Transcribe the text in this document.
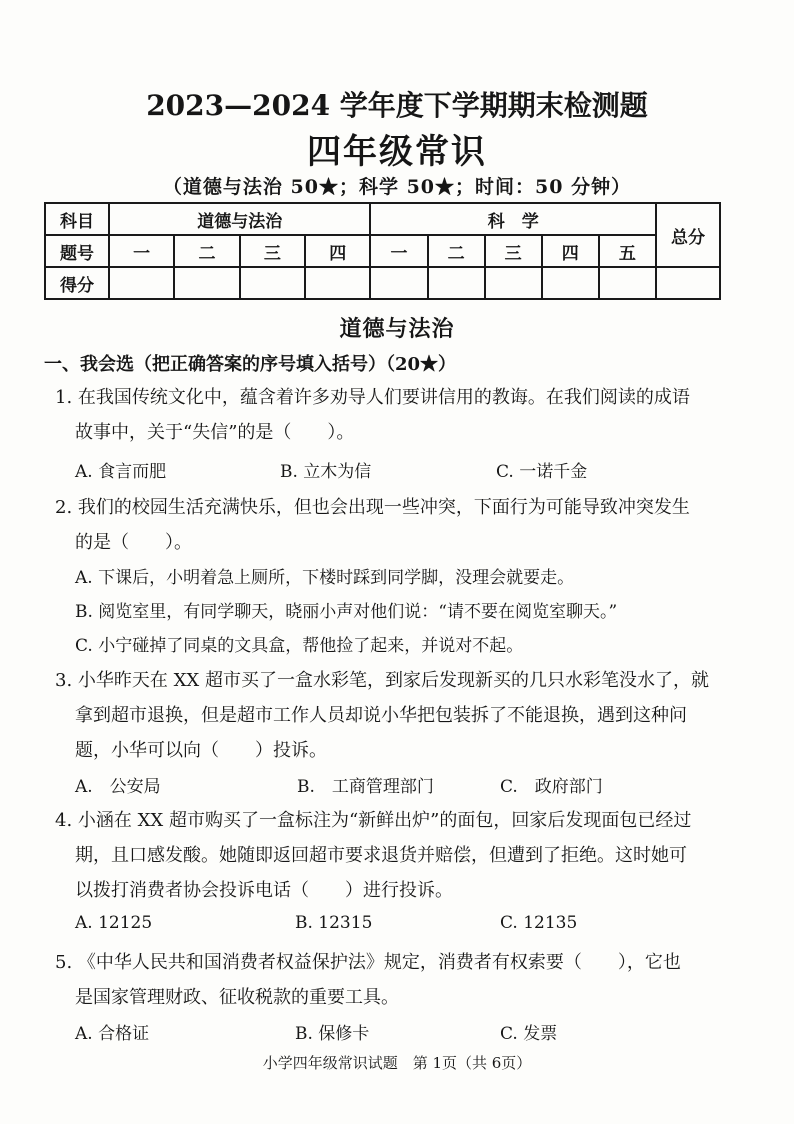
2023—2024 学年度下学期期末检测题
四年级常识
（道德与法治 50★；科学 50★；时间：50 分钟）
科目	道德与法治				科　学					总分
题号	一	二	三	四	一	二	三	四	五	
得分										
道德与法治
一、我会选（把正确答案的序号填入括号）（20★）
1. 在我国传统文化中，蕴含着许多劝导人们要讲信用的教诲。在我们阅读的成语
故事中，关于“失信”的是（　　）。
A. 食言而肥	B. 立木为信	C. 一诺千金
2. 我们的校园生活充满快乐，但也会出现一些冲突，下面行为可能导致冲突发生
的是（　　）。
A. 下课后，小明着急上厕所，下楼时踩到同学脚，没理会就要走。
B. 阅览室里，有同学聊天，晓丽小声对他们说：“请不要在阅览室聊天。”
C. 小宁碰掉了同桌的文具盒，帮他捡了起来，并说对不起。
3. 小华昨天在 XX 超市买了一盒水彩笔，到家后发现新买的几只水彩笔没水了，就
拿到超市退换，但是超市工作人员却说小华把包装拆了不能退换，遇到这种问
题，小华可以向（　　）投诉。
A.　公安局	B.　工商管理部门	C.　政府部门
4. 小涵在 XX 超市购买了一盒标注为“新鲜出炉”的面包，回家后发现面包已经过
期，且口感发酸。她随即返回超市要求退货并赔偿，但遭到了拒绝。这时她可
以拨打消费者协会投诉电话（　　）进行投诉。
A. 12125	B. 12315	C. 12135
5. 《中华人民共和国消费者权益保护法》规定，消费者有权索要（　　），它也
是国家管理财政、征收税款的重要工具。
A. 合格证	B. 保修卡	C. 发票
小学四年级常识试题　第 1页（共 6页）
